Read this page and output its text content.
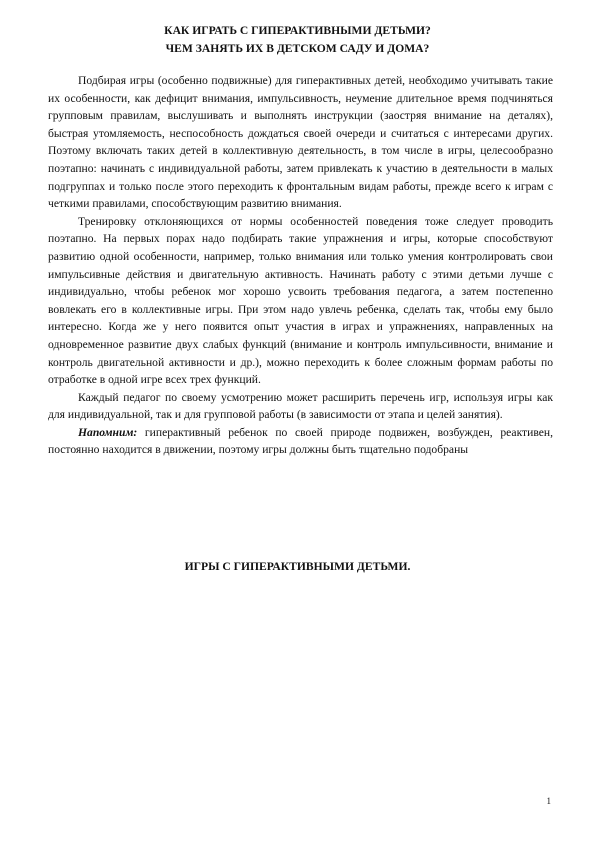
КАК ИГРАТЬ С ГИПЕРАКТИВНЫМИ ДЕТЬМИ?
ЧЕМ ЗАНЯТЬ ИХ В ДЕТСКОМ САДУ И ДОМА?

Подбирая игры (особенно подвижные) для гиперактивных детей, необходимо учитывать такие их особенности, как дефицит внимания, импульсивность, неумение длительное время подчиняться групповым правилам, выслушивать и выполнять инструкции (заостряя внимание на деталях), быстрая утомляемость, неспособность дождаться своей очереди и считаться с интересами других. Поэтому включать таких детей в коллективную деятельность, в том числе в игры, целесообразно поэтапно: начинать с индивидуальной работы, затем привлекать к участию в деятельности в малых подгруппах и только после этого переходить к фронтальным видам работы, прежде всего к играм с четкими правилами, способствующим развитию внимания.

Тренировку отклоняющихся от нормы особенностей поведения тоже следует проводить поэтапно. На первых порах надо подбирать такие упражнения и игры, которые способствуют развитию одной особенности, например, только внимания или только умения контролировать свои импульсивные действия и двигательную активность. Начинать работу с этими детьми лучше с индивидуально, чтобы ребенок мог хорошо усвоить требования педагога, а затем постепенно вовлекать его в коллективные игры. При этом надо увлечь ребенка, сделать так, чтобы ему было интересно. Когда же у него появится опыт участия в играх и упражнениях, направленных на одновременное развитие двух слабых функций (внимание и контроль импульсивности, внимание и контроль двигательной активности и др.), можно переходить к более сложным формам работы по отработке в одной игре всех трех функций.

Каждый педагог по своему усмотрению может расширить перечень игр, используя игры как для индивидуальной, так и для групповой работы (в зависимости от этапа и целей занятия).

Напомним: гиперактивный ребенок по своей природе подвижен, возбужден, реактивен, постоянно находится в движении, поэтому игры должны быть тщательно подобраны

ИГРЫ С ГИПЕРАКТИВНЫМИ ДЕТЬМИ.
1
